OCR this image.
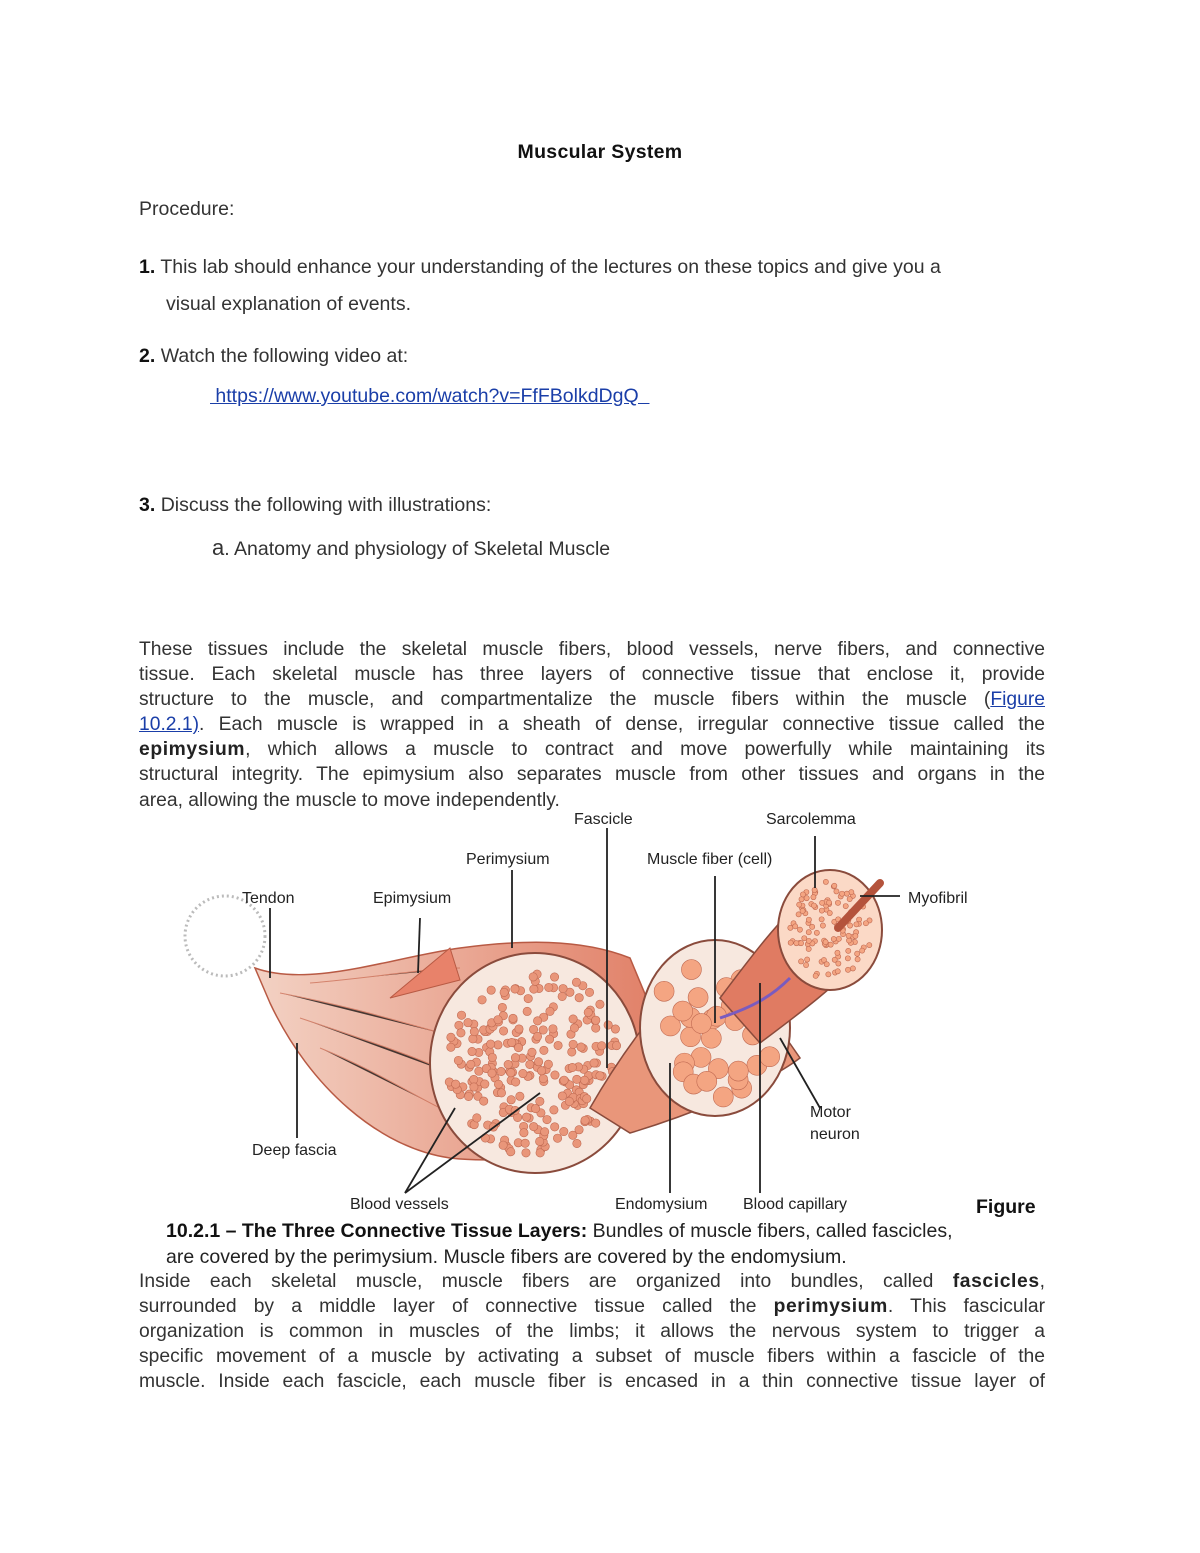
Muscular System
Procedure:
1. This lab should enhance your understanding of the lectures on these topics and give you a
visual explanation of events.
2. Watch the following video at:
https://www.youtube.com/watch?v=FfFBolkdDgQ
3. Discuss the following with illustrations:
a. Anatomy and physiology of Skeletal Muscle
These tissues include the skeletal muscle fibers, blood vessels, nerve fibers, and connective
tissue. Each skeletal muscle has three layers of connective tissue that enclose it, provide
structure to the muscle, and compartmentalize the muscle fibers within the muscle (Figure
10.2.1). Each muscle is wrapped in a sheath of dense, irregular connective tissue called the
epimysium, which allows a muscle to contract and move powerfully while maintaining its
structural integrity. The epimysium also separates muscle from other tissues and organs in the
area, allowing the muscle to move independently.
Fascicle	Sarcolemma
Perimysium	Muscle fiber (cell)
Tendon	Epimysium	Myofibril
Motor
neuron
Deep fascia
Blood vessels	Endomysium Blood capillary	Figure
10.2.1 – The Three Connective Tissue Layers: Bundles of muscle fibers, called fascicles,
are covered by the perimysium. Muscle fibers are covered by the endomysium.
Inside each skeletal muscle, muscle fibers are organized into bundles, called fascicles,
surrounded by a middle layer of connective tissue called the perimysium. This fascicular
organization is common in muscles of the limbs; it allows the nervous system to trigger a
specific movement of a muscle by activating a subset of muscle fibers within a fascicle of the
muscle. Inside each fascicle, each muscle fiber is encased in a thin connective tissue layer of
